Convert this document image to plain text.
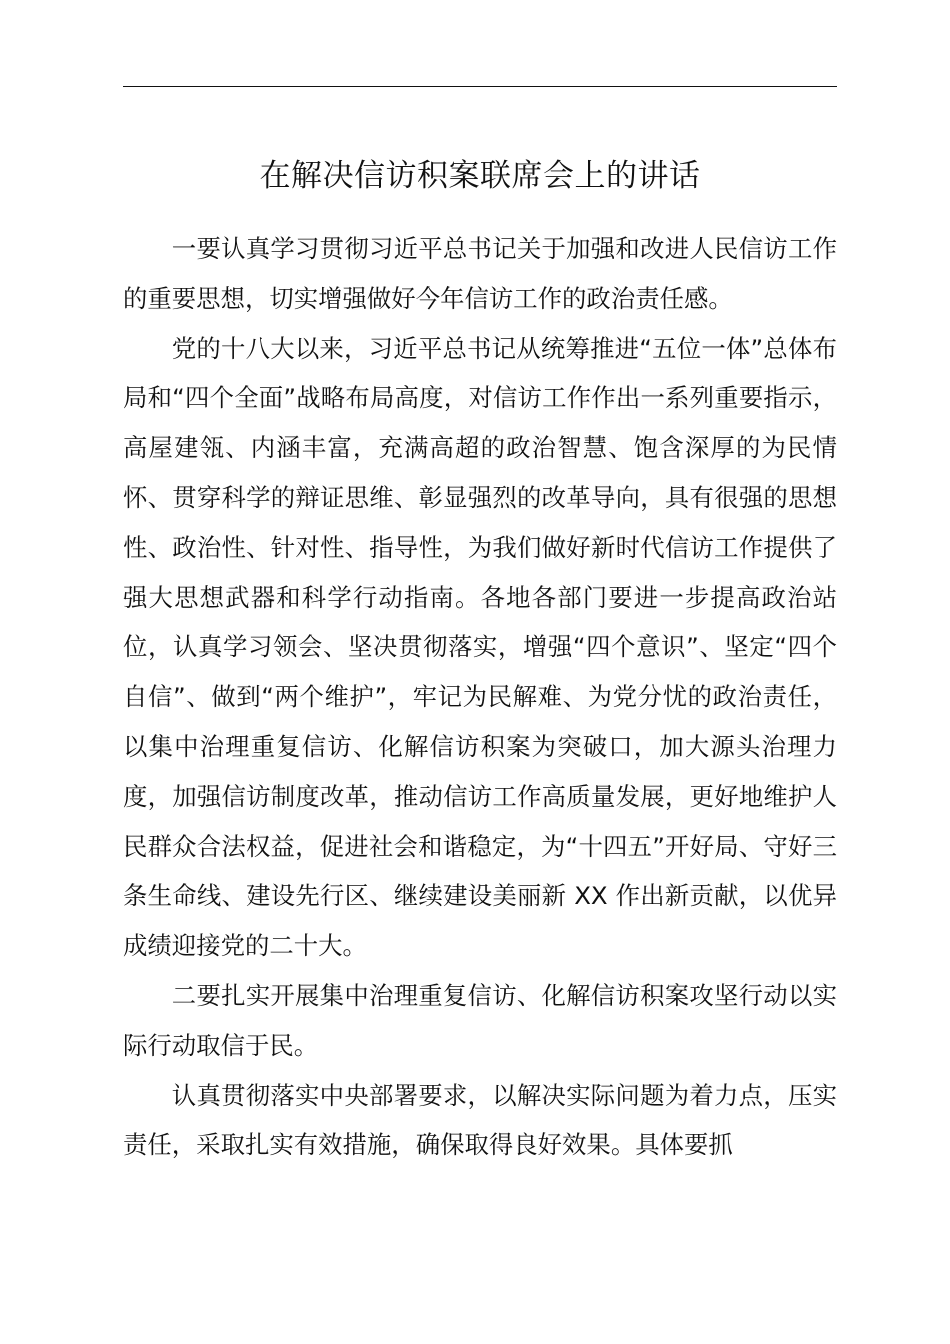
在解决信访积案联席会上的讲话

一要认真学习贯彻习近平总书记关于加强和改进人民信访工作的重要思想，切实增强做好今年信访工作的政治责任感。

党的十八大以来，习近平总书记从统筹推进“五位一体”总体布局和“四个全面”战略布局高度，对信访工作作出一系列重要指示，高屋建瓴、内涵丰富，充满高超的政治智慧、饱含深厚的为民情怀、贯穿科学的辩证思维、彰显强烈的改革导向，具有很强的思想性、政治性、针对性、指导性，为我们做好新时代信访工作提供了强大思想武器和科学行动指南。各地各部门要进一步提高政治站位，认真学习领会、坚决贯彻落实，增强“四个意识”、坚定“四个自信”、做到“两个维护”，牢记为民解难、为党分忧的政治责任，以集中治理重复信访、化解信访积案为突破口，加大源头治理力度，加强信访制度改革，推动信访工作高质量发展，更好地维护人民群众合法权益，促进社会和谐稳定，为“十四五”开好局、守好三条生命线、建设先行区、继续建设美丽新 XX 作出新贡献，以优异成绩迎接党的二十大。

二要扎实开展集中治理重复信访、化解信访积案攻坚行动以实际行动取信于民。

认真贯彻落实中央部署要求，以解决实际问题为着力点，压实责任，采取扎实有效措施，确保取得良好效果。具体要抓
